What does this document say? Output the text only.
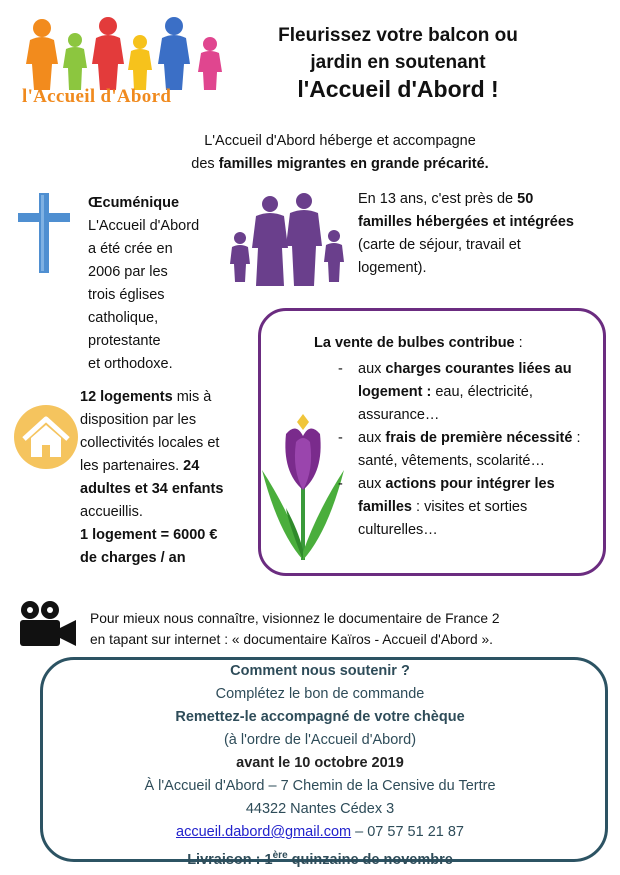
l'Accueil d'Abord
Fleurissez votre balcon ou
jardin en soutenant
l'Accueil d'Abord !
L'Accueil d'Abord héberge et accompagne
des familles migrantes en grande précarité.
Œcuménique
L'Accueil d'Abord
a été crée en
2006 par les
trois églises
catholique,
protestante
et orthodoxe.
En 13 ans, c'est près de 50 familles hébergées et intégrées (carte de séjour, travail et logement).
12 logements mis à disposition par les collectivités locales et les partenaires. 24 adultes et 34 enfants accueillis.
1 logement = 6000 € de charges / an
La vente de bulbes contribue :
- aux charges courantes liées au logement : eau, électricité, assurance…
- aux frais de première nécessité : santé, vêtements, scolarité…
- aux actions pour intégrer les familles : visites et sorties culturelles…
Pour mieux nous connaître, visionnez le documentaire de France 2
en tapant sur internet : « documentaire Kaïros - Accueil d'Abord ».
Comment nous soutenir ?
Complétez le bon de commande
Remettez-le accompagné de votre chèque
(à l'ordre de l'Accueil d'Abord)
avant le 10 octobre 2019
À l'Accueil d'Abord – 7 Chemin de la Censive du Tertre
44322 Nantes Cédex 3
accueil.dabord@gmail.com – 07 57 51 21 87
Livraison : 1ère quinzaine de novembre
